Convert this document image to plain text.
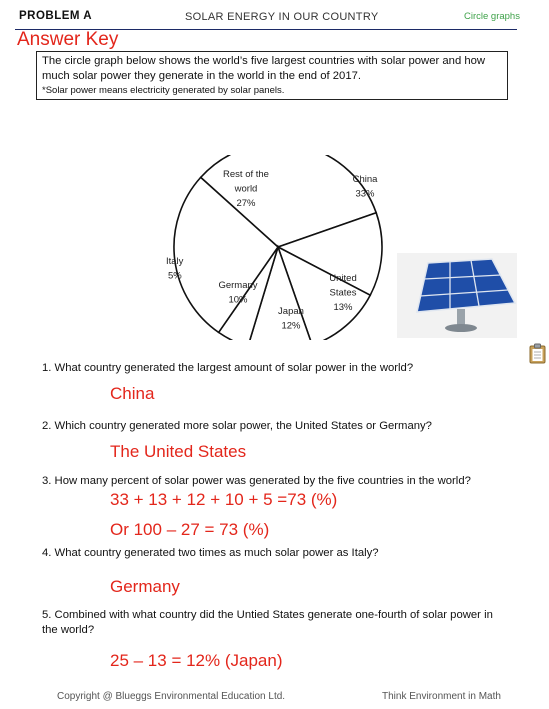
PROBLEM A	SOLAR ENERGY IN OUR COUNTRY	Circle graphs
Answer Key
The circle graph below shows the world’s five largest countries with solar power and how much solar power they generate in the world in the end of 2017.
*Solar power means electricity generated by solar panels.
China 33%
United States 13%
Japan 12%
Germany 10%
Italy 5%
Rest of the world 27%
1. What country generated the largest amount of solar power in the world?
China
2. Which country generated more solar power, the United States or Germany?
The United States
3. How many percent of solar power was generated by the five countries in the world?
33 + 13 + 12 + 10 + 5 =73 (%)
Or 100 – 27 = 73 (%)
4. What country generated two times as much solar power as Italy?
Germany
5. Combined with what country did the Untied States generate one-fourth of solar power in the world?
25 – 13 = 12% (Japan)
Copyright @ Blueggs Environmental Education Ltd.	Think Environment in Math
